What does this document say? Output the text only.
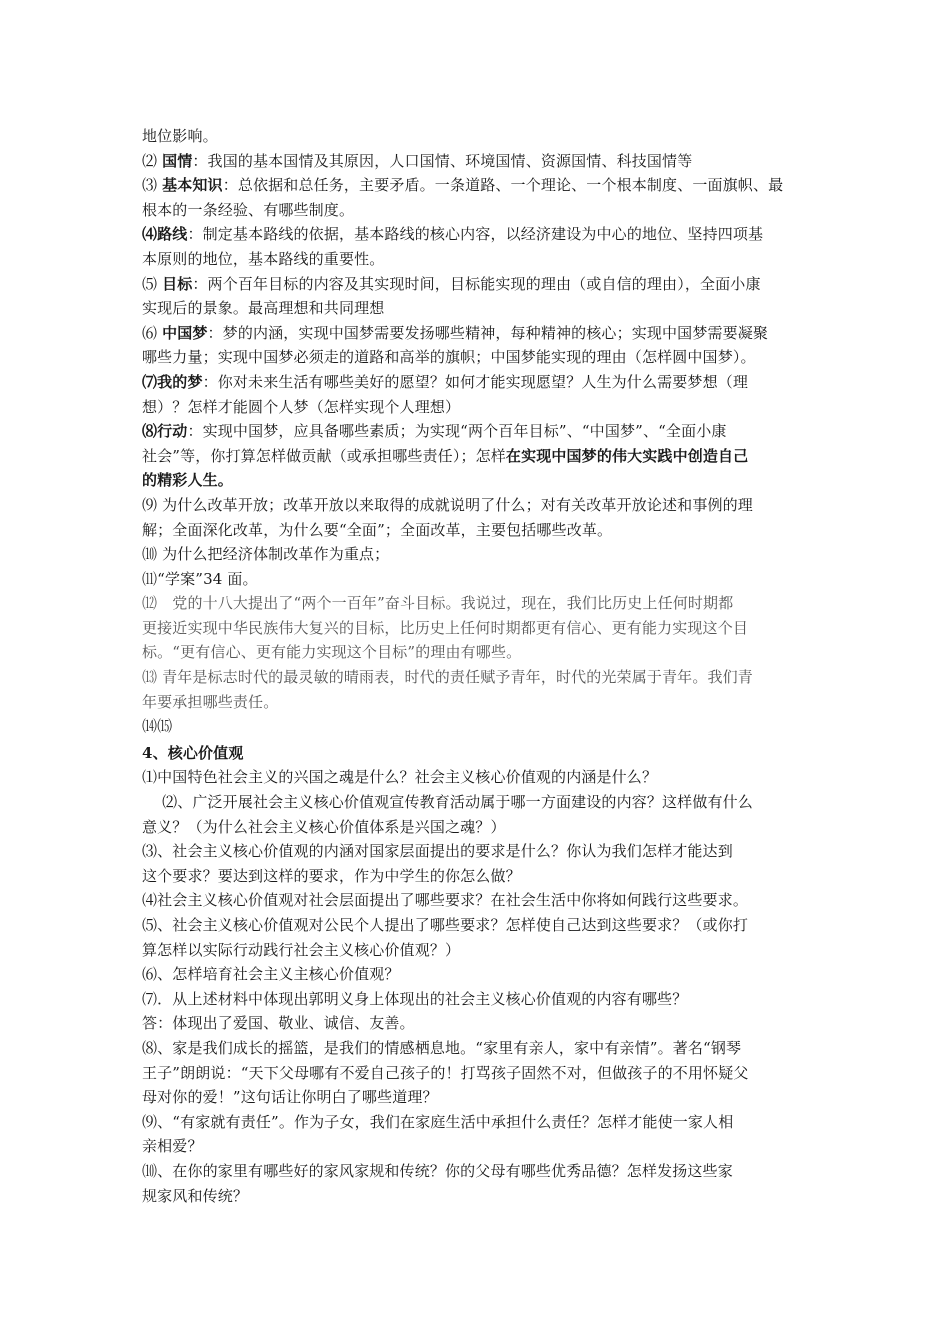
地位影响。

⑵ 国情：我国的基本国情及其原因，人口国情、环境国情、资源国情、科技国情等

⑶ 基本知识：总依据和总任务，主要矛盾。一条道路、一个理论、一个根本制度、一面旗帜、最

根本的一条经验、有哪些制度。

⑷路线：制定基本路线的依据，基本路线的核心内容，以经济建设为中心的地位、坚持四项基

本原则的地位，基本路线的重要性。

⑸ 目标：两个百年目标的内容及其实现时间，目标能实现的理由（或自信的理由），全面小康

实现后的景象。最高理想和共同理想

⑹ 中国梦：梦的内涵，实现中国梦需要发扬哪些精神，每种精神的核心；实现中国梦需要凝聚

哪些力量；实现中国梦必须走的道路和高举的旗帜；中国梦能实现的理由（怎样圆中国梦）。

⑺我的梦：你对未来生活有哪些美好的愿望？如何才能实现愿望？人生为什么需要梦想（理

想）？怎样才能圆个人梦（怎样实现个人理想）

⑻行动：实现中国梦，应具备哪些素质；为实现“两个百年目标”、“中国梦”、“全面小康

社会”等，你打算怎样做贡献（或承担哪些责任）；怎样在实现中国梦的伟大实践中创造自己

的精彩人生。

⑼ 为什么改革开放；改革开放以来取得的成就说明了什么；对有关改革开放论述和事例的理

解；全面深化改革，为什么要“全面”；全面改革，主要包括哪些改革。

⑽ 为什么把经济体制改革作为重点；

⑾“学案”34 面。

⑿　党的十八大提出了“两个一百年”奋斗目标。我说过，现在，我们比历史上任何时期都

更接近实现中华民族伟大复兴的目标，比历史上任何时期都更有信心、更有能力实现这个目

标。“更有信心、更有能力实现这个目标”的理由有哪些。

⒀ 青年是标志时代的最灵敏的晴雨表，时代的责任赋予青年，时代的光荣属于青年。我们青

年要承担哪些责任。

⒁⒂

4、核心价值观

⑴中国特色社会主义的兴国之魂是什么？社会主义核心价值观的内涵是什么？

　 ⑵、广泛开展社会主义核心价值观宣传教育活动属于哪一方面建设的内容？这样做有什么

意义？（为什么社会主义核心价值体系是兴国之魂？）

⑶、社会主义核心价值观的内涵对国家层面提出的要求是什么？你认为我们怎样才能达到

这个要求？要达到这样的要求，作为中学生的你怎么做？

⑷社会主义核心价值观对社会层面提出了哪些要求？在社会生活中你将如何践行这些要求。

⑸、社会主义核心价值观对公民个人提出了哪些要求？怎样使自己达到这些要求？（或你打

算怎样以实际行动践行社会主义核心价值观？）

⑹、怎样培育社会主义主核心价值观？

⑺．从上述材料中体现出郭明义身上体现出的社会主义核心价值观的内容有哪些？

答：体现出了爱国、敬业、诚信、友善。

⑻、家是我们成长的摇篮，是我们的情感栖息地。“家里有亲人，家中有亲情”。著名“钢琴

王子”朗朗说：“天下父母哪有不爱自己孩子的！打骂孩子固然不对，但做孩子的不用怀疑父

母对你的爱！”这句话让你明白了哪些道理？

⑼、“有家就有责任”。作为子女，我们在家庭生活中承担什么责任？怎样才能使一家人相

亲相爱？

⑽、在你的家里有哪些好的家风家规和传统？你的父母有哪些优秀品德？怎样发扬这些家

规家风和传统？
